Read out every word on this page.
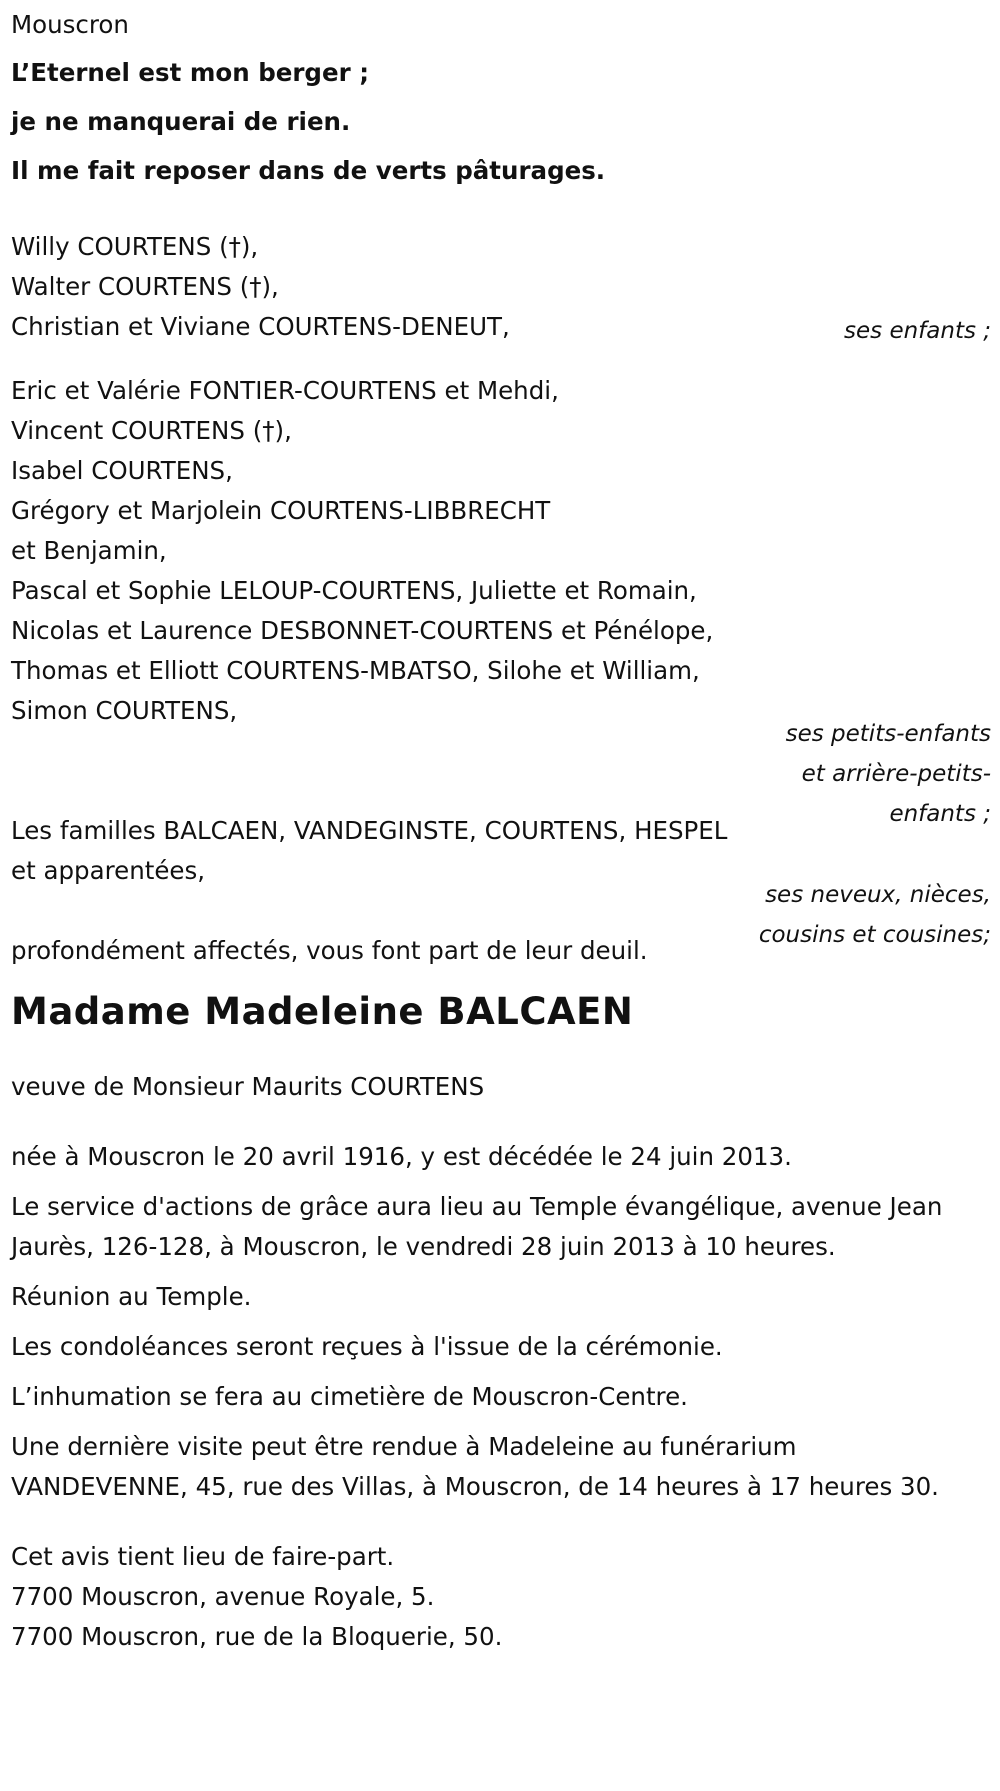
Mouscron
L’Eternel est mon berger ;
je ne manquerai de rien.
Il me fait reposer dans de verts pâturages.
Willy COURTENS (†),
Walter COURTENS (†),
Christian et Viviane COURTENS-DENEUT,	ses enfants ;
Eric et Valérie FONTIER-COURTENS et Mehdi,
Vincent COURTENS (†),
Isabel COURTENS,
Grégory et Marjolein COURTENS-LIBBRECHT
et Benjamin,
Pascal et Sophie LELOUP-COURTENS, Juliette et Romain,
Nicolas et Laurence DESBONNET-COURTENS et Pénélope,
Thomas et Elliott COURTENS-MBATSO, Silohe et William,
Simon COURTENS,
ses petits-enfants
et arrière-petits-
enfants ;
Les familles BALCAEN, VANDEGINSTE, COURTENS, HESPEL
et apparentées,
ses neveux, nièces,
cousins et cousines;
profondément affectés, vous font part de leur deuil.
Madame Madeleine BALCAEN
veuve de Monsieur Maurits COURTENS
née à Mouscron le 20 avril 1916, y est décédée le 24 juin 2013.
Le service d'actions de grâce aura lieu au Temple évangélique, avenue Jean Jaurès, 126-128, à Mouscron, le vendredi 28 juin 2013 à 10 heures.
Réunion au Temple.
Les condoléances seront reçues à l'issue de la cérémonie.
L’inhumation se fera au cimetière de Mouscron-Centre.
Une dernière visite peut être rendue à Madeleine au funérarium VANDEVENNE, 45, rue des Villas, à Mouscron, de 14 heures à 17 heures 30.
Cet avis tient lieu de faire-part.
7700 Mouscron, avenue Royale, 5.
7700 Mouscron, rue de la Bloquerie, 50.
